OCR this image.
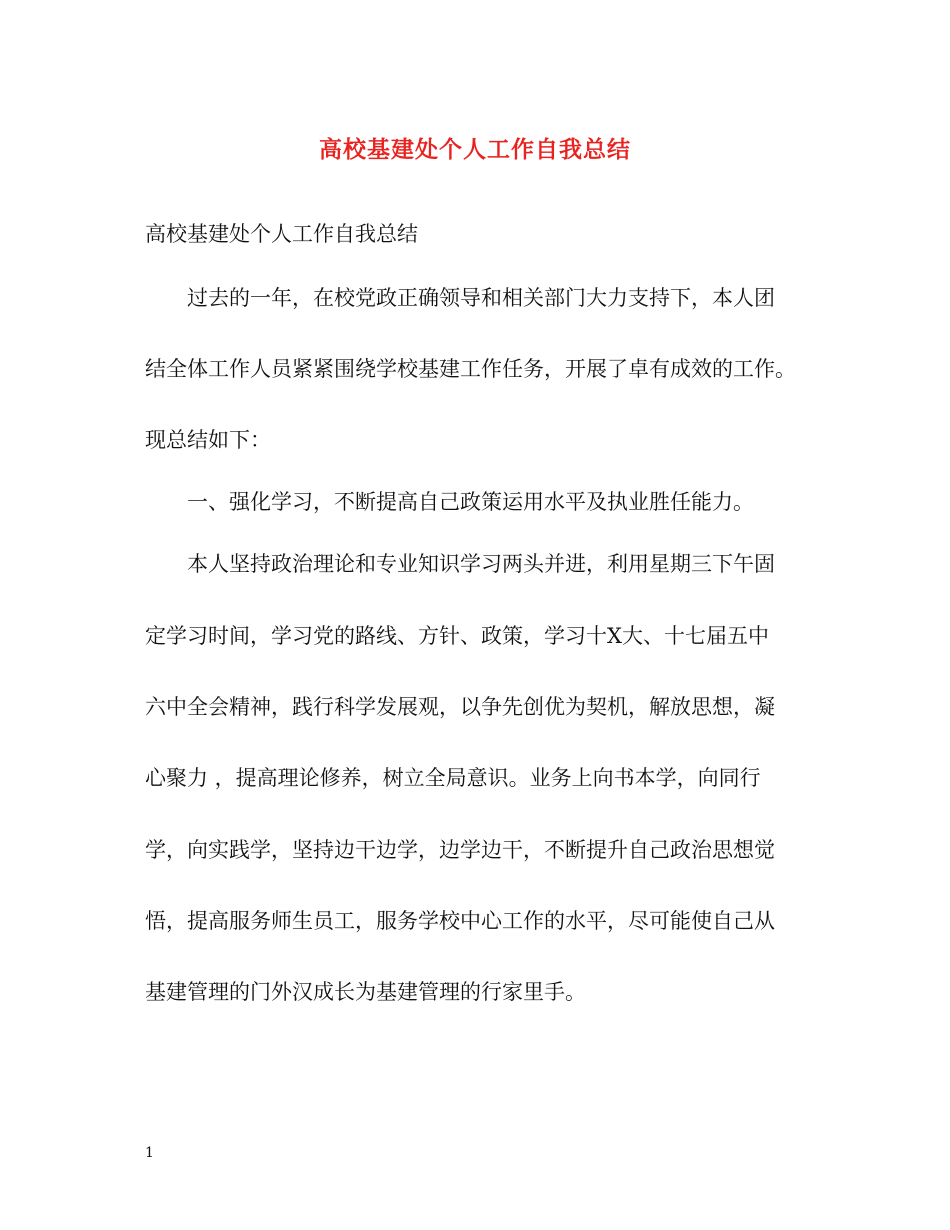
高校基建处个人工作自我总结
高校基建处个人工作自我总结
过去的一年，在校党政正确领导和相关部门大力支持下，本人团
结全体工作人员紧紧围绕学校基建工作任务，开展了卓有成效的工作。
现总结如下：
一、强化学习，不断提高自己政策运用水平及执业胜任能力。
本人坚持政治理论和专业知识学习两头并进，利用星期三下午固
定学习时间，学习党的路线、方针、政策，学习十X大、十七届五中
六中全会精神，践行科学发展观，以争先创优为契机，解放思想，凝
心聚力 ，提高理论修养，树立全局意识。业务上向书本学，向同行
学，向实践学，坚持边干边学，边学边干，不断提升自己政治思想觉
悟，提高服务师生员工，服务学校中心工作的水平，尽可能使自己从
基建管理的门外汉成长为基建管理的行家里手。
1
